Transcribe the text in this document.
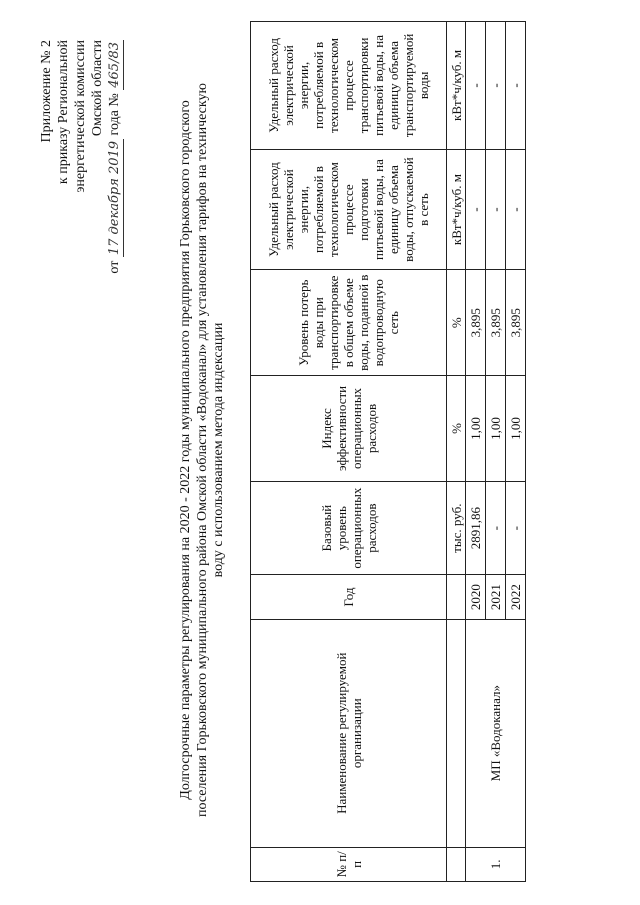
Приложение № 2 к приказу Региональной энергетической комиссии Омской области
от 17 декабря 2019 года № 465/83
Долгосрочные параметры регулирования на 2020 - 2022 годы муниципального предприятия Горьковского городского поселения Горьковского муниципального района Омской области «Водоканал» для установления тарифов на техническую воду с использованием метода индексации
№ п/п	Наименование регулируемой организации	Год	Базовый уровень операционных расходов	Индекс эффективности операционных расходов	Уровень потерь воды при транспортировке в общем объеме воды, поданной в водопроводную сеть	Удельный расход электрической энергии, потребляемой в технологическом процессе подготовки питьевой воды, на единицу объема воды, отпускаемой в сеть	Удельный расход электрической энергии, потребляемой в технологическом процессе транспортировки питьевой воды, на единицу объема транспортируемой воды
			тыс. руб.	%	%	кВт*ч/куб. м	кВт*ч/куб. м
1.	МП «Водоканал»	2020	2891,86	1,00	3,895	-	-
		2021	-	1,00	3,895	-	-
		2022	-	1,00	3,895	-	-
